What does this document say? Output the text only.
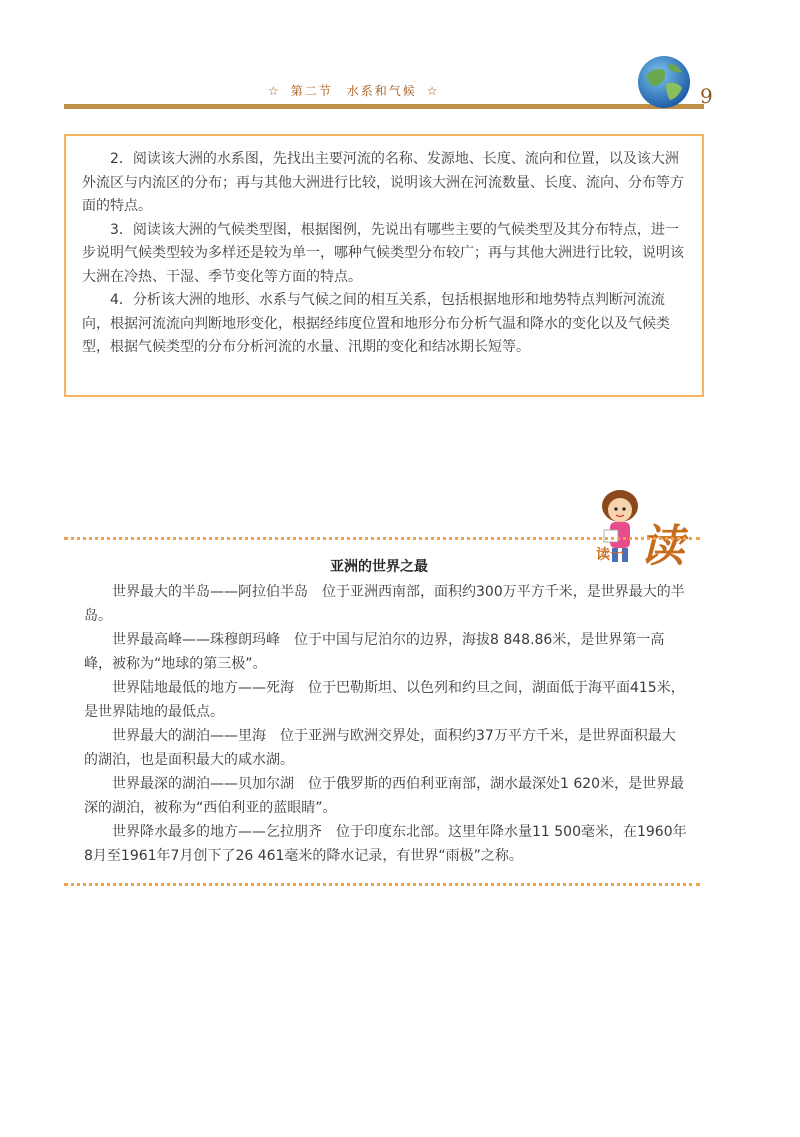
☆ 第二节　水系和气候 ☆	9

2．阅读该大洲的水系图，先找出主要河流的名称、发源地、长度、流向和位置，以及该大洲外流区与内流区的分布；再与其他大洲进行比较，说明该大洲在河流数量、长度、流向、分布等方面的特点。

3．阅读该大洲的气候类型图，根据图例，先说出有哪些主要的气候类型及其分布特点，进一步说明气候类型较为多样还是较为单一，哪种气候类型分布较广；再与其他大洲进行比较，说明该大洲在冷热、干湿、季节变化等方面的特点。

4．分析该大洲的地形、水系与气候之间的相互关系，包括根据地形和地势特点判断河流流向，根据河流流向判断地形变化，根据经纬度位置和地形分布分析气温和降水的变化以及气候类型，根据气候类型的分布分析河流的水量、汛期的变化和结冰期长短等。

读一 读
亚洲的世界之最

世界最大的半岛——阿拉伯半岛　位于亚洲西南部，面积约300万平方千米，是世界最大的半岛。

世界最高峰——珠穆朗玛峰　位于中国与尼泊尔的边界，海拔8 848.86米，是世界第一高峰，被称为“地球的第三极”。

世界陆地最低的地方——死海　位于巴勒斯坦、以色列和约旦之间，湖面低于海平面415米，是世界陆地的最低点。

世界最大的湖泊——里海　位于亚洲与欧洲交界处，面积约37万平方千米，是世界面积最大的湖泊，也是面积最大的咸水湖。

世界最深的湖泊——贝加尔湖　位于俄罗斯的西伯利亚南部，湖水最深处1 620米，是世界最深的湖泊，被称为“西伯利亚的蓝眼睛”。

世界降水最多的地方——乞拉朋齐　位于印度东北部。这里年降水量11 500毫米，在1960年8月至1961年7月创下了26 461毫米的降水记录，有世界“雨极”之称。
